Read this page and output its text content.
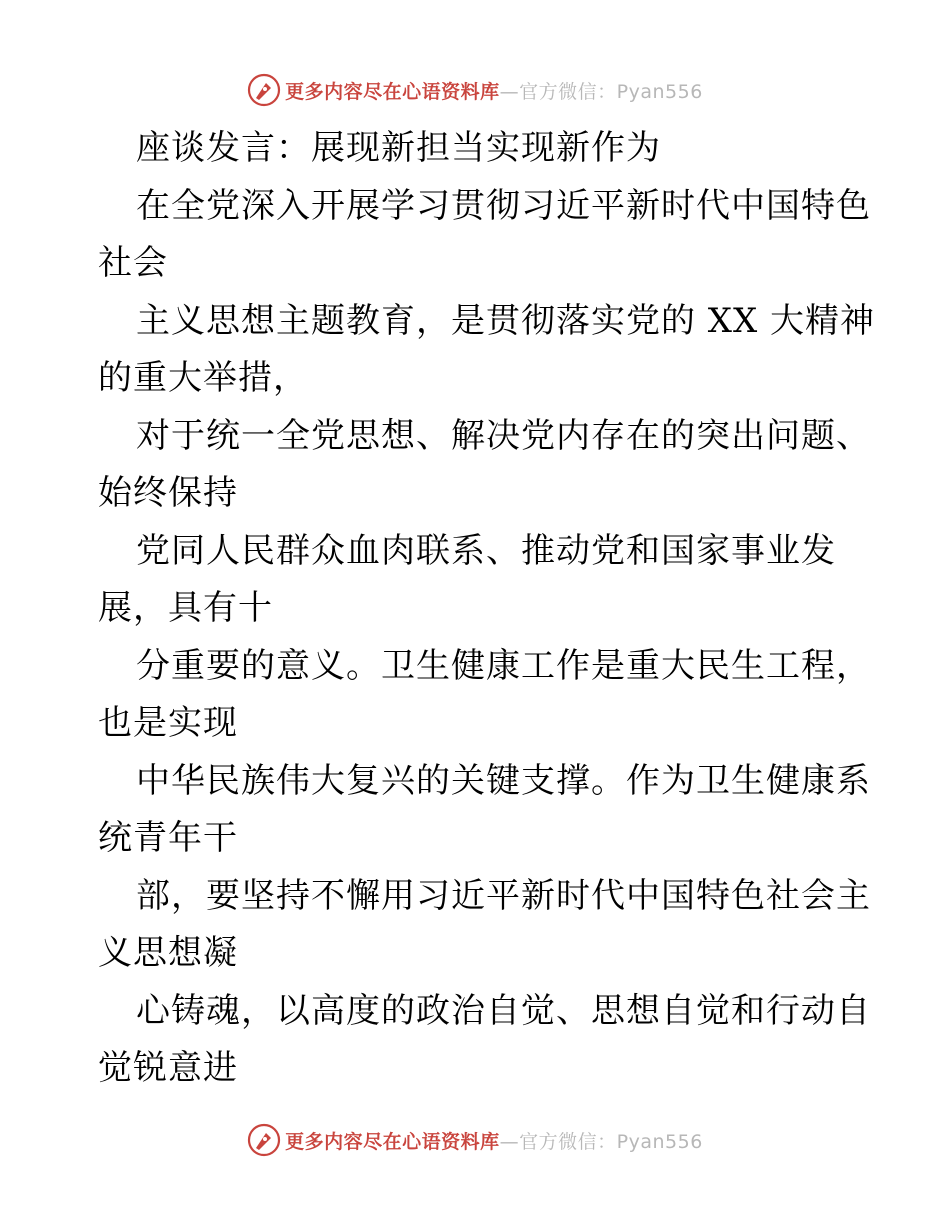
更多内容尽在心语资料库—官方微信：Pyan556
座谈发言：展现新担当实现新作为
在全党深入开展学习贯彻习近平新时代中国特色
社会
主义思想主题教育，是贯彻落实党的 XX 大精神
的重大举措，
对于统一全党思想、解决党内存在的突出问题、
始终保持
党同人民群众血肉联系、推动党和国家事业发
展，具有十
分重要的意义。卫生健康工作是重大民生工程，
也是实现
中华民族伟大复兴的关键支撑。作为卫生健康系
统青年干
部，要坚持不懈用习近平新时代中国特色社会主
义思想凝
心铸魂，以高度的政治自觉、思想自觉和行动自
觉锐意进
更多内容尽在心语资料库—官方微信：Pyan556
